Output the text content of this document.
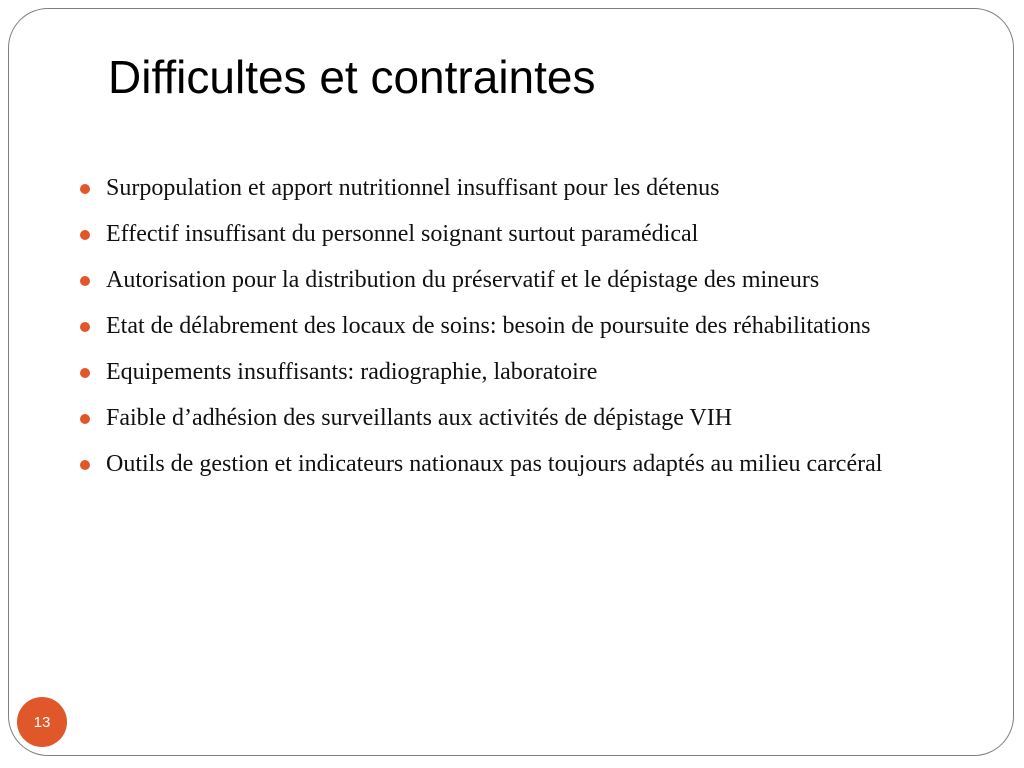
Difficultes et contraintes
Surpopulation et apport nutritionnel insuffisant pour les détenus
Effectif insuffisant du personnel soignant surtout paramédical
Autorisation pour la distribution du préservatif et le dépistage des mineurs
Etat de délabrement des locaux de soins: besoin de poursuite des réhabilitations
Equipements insuffisants: radiographie, laboratoire
Faible d’adhésion des surveillants aux activités de dépistage VIH
Outils de gestion et indicateurs nationaux pas toujours adaptés au milieu carcéral
13
